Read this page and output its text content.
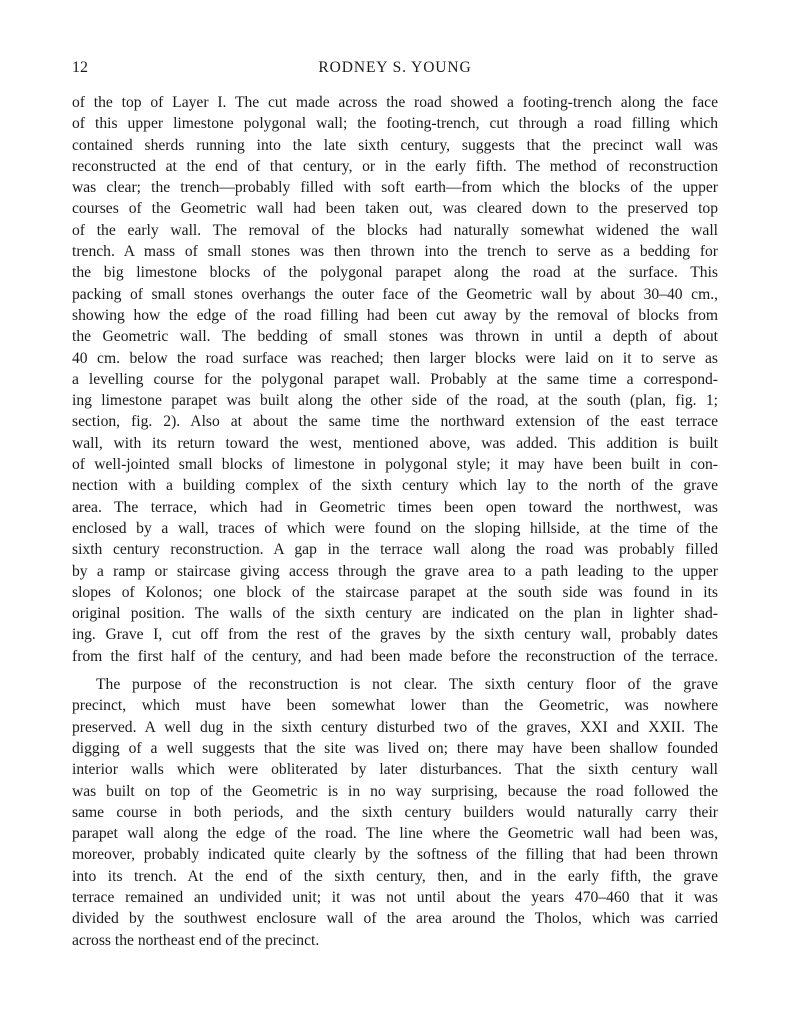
12	RODNEY S. YOUNG

of the top of Layer I. The cut made across the road showed a footing-trench along the face
of this upper limestone polygonal wall; the footing-trench, cut through a road filling which
contained sherds running into the late sixth century, suggests that the precinct wall was
reconstructed at the end of that century, or in the early fifth. The method of reconstruction
was clear; the trench—probably filled with soft earth—from which the blocks of the upper
courses of the Geometric wall had been taken out, was cleared down to the preserved top
of the early wall. The removal of the blocks had naturally somewhat widened the wall
trench. A mass of small stones was then thrown into the trench to serve as a bedding for
the big limestone blocks of the polygonal parapet along the road at the surface. This
packing of small stones overhangs the outer face of the Geometric wall by about 30–40 cm.,
showing how the edge of the road filling had been cut away by the removal of blocks from
the Geometric wall. The bedding of small stones was thrown in until a depth of about
40 cm. below the road surface was reached; then larger blocks were laid on it to serve as
a levelling course for the polygonal parapet wall. Probably at the same time a correspond-
ing limestone parapet was built along the other side of the road, at the south (plan, fig. 1;
section, fig. 2). Also at about the same time the northward extension of the east terrace
wall, with its return toward the west, mentioned above, was added. This addition is built
of well-jointed small blocks of limestone in polygonal style; it may have been built in con-
nection with a building complex of the sixth century which lay to the north of the grave
area. The terrace, which had in Geometric times been open toward the northwest, was
enclosed by a wall, traces of which were found on the sloping hillside, at the time of the
sixth century reconstruction. A gap in the terrace wall along the road was probably filled
by a ramp or staircase giving access through the grave area to a path leading to the upper
slopes of Kolonos; one block of the staircase parapet at the south side was found in its
original position. The walls of the sixth century are indicated on the plan in lighter shad-
ing. Grave I, cut off from the rest of the graves by the sixth century wall, probably dates
from the first half of the century, and had been made before the reconstruction of the terrace.

The purpose of the reconstruction is not clear. The sixth century floor of the grave
precinct, which must have been somewhat lower than the Geometric, was nowhere
preserved. A well dug in the sixth century disturbed two of the graves, XXI and XXII. The
digging of a well suggests that the site was lived on; there may have been shallow founded
interior walls which were obliterated by later disturbances. That the sixth century wall
was built on top of the Geometric is in no way surprising, because the road followed the
same course in both periods, and the sixth century builders would naturally carry their
parapet wall along the edge of the road. The line where the Geometric wall had been was,
moreover, probably indicated quite clearly by the softness of the filling that had been thrown
into its trench. At the end of the sixth century, then, and in the early fifth, the grave
terrace remained an undivided unit; it was not until about the years 470–460 that it was
divided by the southwest enclosure wall of the area around the Tholos, which was carried
across the northeast end of the precinct.
